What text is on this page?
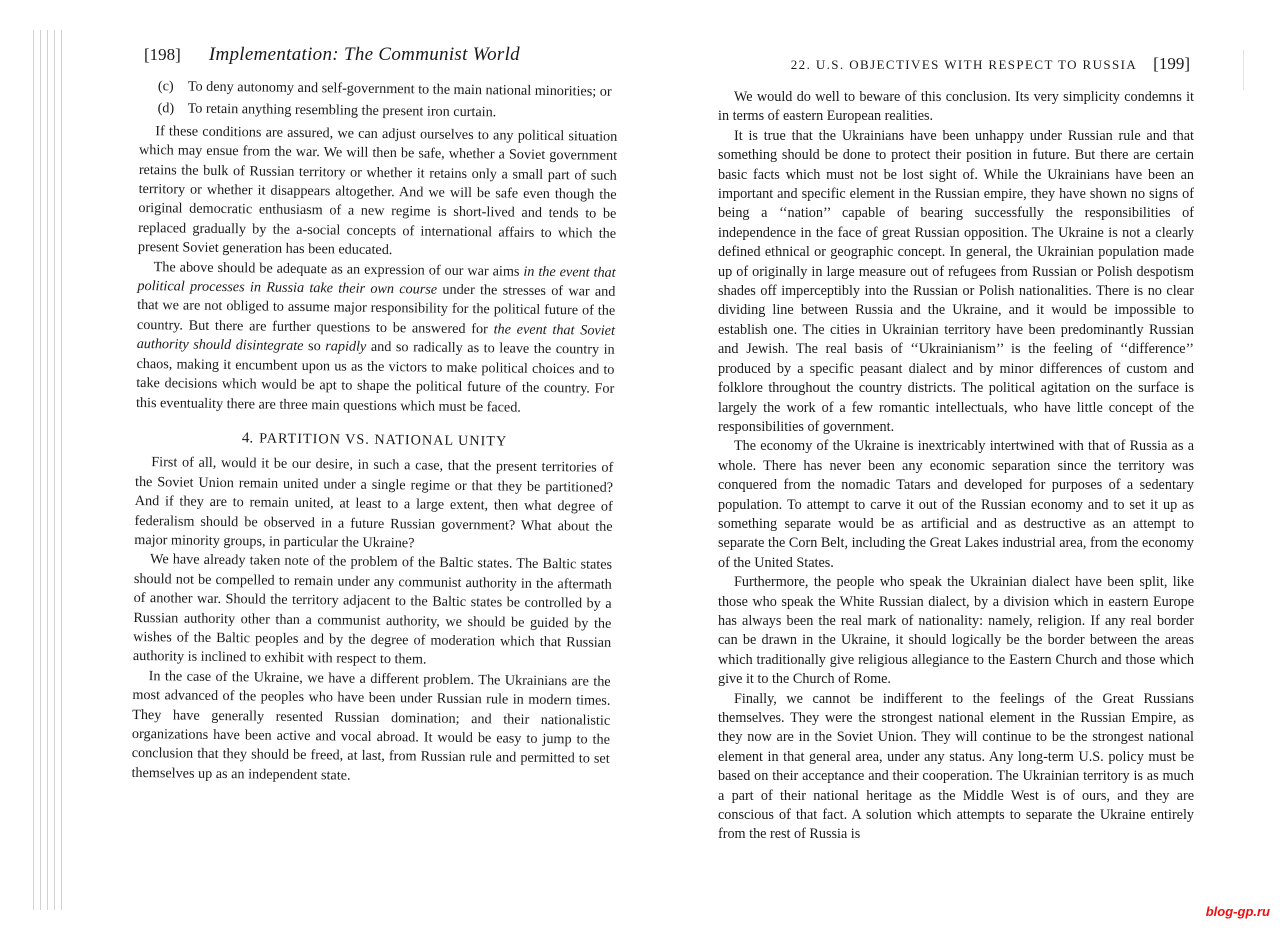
[198] Implementation: The Communist World

(c) To deny autonomy and self-government to the main national minorities; or

(d) To retain anything resembling the present iron curtain.

If these conditions are assured, we can adjust ourselves to any political situation which may ensue from the war. We will then be safe, whether a Soviet government retains the bulk of Russian territory or whether it retains only a small part of such territory or whether it disappears altogether. And we will be safe even though the original democratic enthusiasm of a new regime is short-lived and tends to be replaced gradually by the a-social concepts of international affairs to which the present Soviet generation has been educated.

The above should be adequate as an expression of our war aims in the event that political processes in Russia take their own course under the stresses of war and that we are not obliged to assume major responsibility for the political future of the country. But there are further questions to be answered for the event that Soviet authority should disintegrate so rapidly and so radically as to leave the country in chaos, making it encumbent upon us as the victors to make political choices and to take decisions which would be apt to shape the political future of the country. For this eventuality there are three main questions which must be faced.

4. PARTITION VS. NATIONAL UNITY

First of all, would it be our desire, in such a case, that the present territories of the Soviet Union remain united under a single regime or that they be partitioned? And if they are to remain united, at least to a large extent, then what degree of federalism should be observed in a future Russian government? What about the major minority groups, in particular the Ukraine?

We have already taken note of the problem of the Baltic states. The Baltic states should not be compelled to remain under any communist authority in the aftermath of another war. Should the territory adjacent to the Baltic states be controlled by a Russian authority other than a communist authority, we should be guided by the wishes of the Baltic peoples and by the degree of moderation which that Russian authority is inclined to exhibit with respect to them.

In the case of the Ukraine, we have a different problem. The Ukrainians are the most advanced of the peoples who have been under Russian rule in modern times. They have generally resented Russian domination; and their nationalistic organizations have been active and vocal abroad. It would be easy to jump to the conclusion that they should be freed, at last, from Russian rule and permitted to set themselves up as an independent state.

22. U.S. OBJECTIVES WITH RESPECT TO RUSSIA [199]

We would do well to beware of this conclusion. Its very simplicity condemns it in terms of eastern European realities.

It is true that the Ukrainians have been unhappy under Russian rule and that something should be done to protect their position in future. But there are certain basic facts which must not be lost sight of. While the Ukrainians have been an important and specific element in the Russian empire, they have shown no signs of being a ‘‘nation’’ capable of bearing successfully the responsibilities of independence in the face of great Russian opposition. The Ukraine is not a clearly defined ethnical or geographic concept. In general, the Ukrainian population made up of originally in large measure out of refugees from Russian or Polish despotism shades off imperceptibly into the Russian or Polish nationalities. There is no clear dividing line between Russia and the Ukraine, and it would be impossible to establish one. The cities in Ukrainian territory have been predominantly Russian and Jewish. The real basis of ‘‘Ukrainianism’’ is the feeling of ‘‘difference’’ produced by a specific peasant dialect and by minor differences of custom and folklore throughout the country districts. The political agitation on the surface is largely the work of a few romantic intellectuals, who have little concept of the responsibilities of government.

The economy of the Ukraine is inextricably intertwined with that of Russia as a whole. There has never been any economic separation since the territory was conquered from the nomadic Tatars and developed for purposes of a sedentary population. To attempt to carve it out of the Russian economy and to set it up as something separate would be as artificial and as destructive as an attempt to separate the Corn Belt, including the Great Lakes industrial area, from the economy of the United States.

Furthermore, the people who speak the Ukrainian dialect have been split, like those who speak the White Russian dialect, by a division which in eastern Europe has always been the real mark of nationality: namely, religion. If any real border can be drawn in the Ukraine, it should logically be the border between the areas which traditionally give religious allegiance to the Eastern Church and those which give it to the Church of Rome.

Finally, we cannot be indifferent to the feelings of the Great Russians themselves. They were the strongest national element in the Russian Empire, as they now are in the Soviet Union. They will continue to be the strongest national element in that general area, under any status. Any long-term U.S. policy must be based on their acceptance and their cooperation. The Ukrainian territory is as much a part of their national heritage as the Middle West is of ours, and they are conscious of that fact. A solution which attempts to separate the Ukraine entirely from the rest of Russia is

blog-gp.ru
